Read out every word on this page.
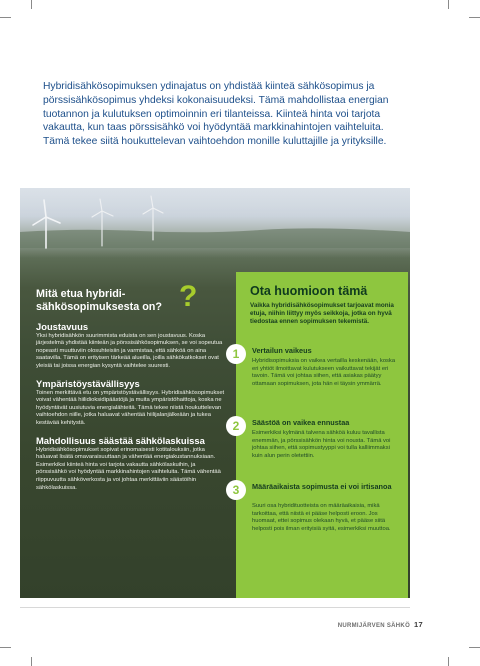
Hybridisähkösopimuksen ydinajatus on yhdistää kiinteä sähkösopimus ja pörssisähkösopimus yhdeksi kokonaisuudeksi. Tämä mahdollistaa energian tuotannon ja kulutuksen optimoinnin eri tilanteissa. Kiinteä hinta voi tarjota vakautta, kun taas pörssisähkö voi hyödyntää markkinahintojen vaihteluita. Tämä tekee siitä houkuttelevan vaihtoehdon monille kuluttajille ja yrityksille.

?
Mitä etua hybridi-sähkösopimuksesta on?
Joustavuus

Yksi hybridisähkön suurimmista eduista on sen joustavuus. Koska järjestelmä yhdistää kiinteän ja pörssisähkösopimuksen, se voi sopeutua nopeasti muuttuviin olosuhteisiin ja varmistaa, että sähköä on aina saatavilla. Tämä on erityisen tärkeää alueilla, joilla sähkökatkokset ovat yleisiä tai joissa energian kysyntä vaihtelee suuresti.

Ympäristöystävällisyys

Toinen merkittävä etu on ympäristöystävällisyys. Hybridisähkösopimukset voivat vähentää hiilidioksidipäästöjä ja muita ympäristöhaittoja, koska ne hyödyntävät uusiutuvia energialähteitä. Tämä tekee niistä houkuttelevan vaihtoehdon niille, jotka haluavat vähentää hiilijalanjälkeään ja tukea kestävää kehitystä.

Mahdollisuus säästää sähkölaskuissa

Hybridisähkösopimukset sopivat erinomaisesti kotitalouksiin, jotka haluavat lisätä omavaraisuuttaan ja vähentää energiakustannuksiaan. Esimerkiksi kiinteä hinta voi tarjota vakautta sähkölaskuihin, ja pörssisähkö voi hyödyntää markkinahintojen vaihteluita. Tämä vähentää riippuvuutta sähköverkosta ja voi johtaa merkittäviin säästöihin sähkölaskuissa.

Ota huomioon tämä

Vaikka hybridisähkösopimukset tarjoavat monia etuja, niihin liittyy myös seikkoja, jotka on hyvä tiedostaa ennen sopimuksen tekemistä.

1	Vertailun vaikeus

Hybridisopimuksia on vaikea vertailla keskenään, koska eri yhtiöt ilmoittavat kulutukseen vaikuttavat tekijät eri tavoin. Tämä voi johtaa siihen, että asiakas päätyy ottamaan sopimuksen, jota hän ei täysin ymmärrä.

2	Säästöä on vaikea ennustaa

Esimerkiksi kylmänä talvena sähköä kuluu tavallista enemmän, ja pörssisähkön hinta voi nousta. Tämä voi johtaa siihen, että sopimustyyppi voi tulla kalliimmaksi kuin alun perin oletettiin.

3	Määräaikaista sopimusta ei voi irtisanoa

Suuri osa hybridituotteista on määräaikaisia, mikä tarkoittaa, että niistä ei pääse helposti eroon. Jos huomaat, ettei sopimus olekaan hyvä, et pääse siitä helposti pois ilman erityisiä syitä, esimerkiksi muuttoa.

NURMIJÄRVEN SÄHKÖ 17
